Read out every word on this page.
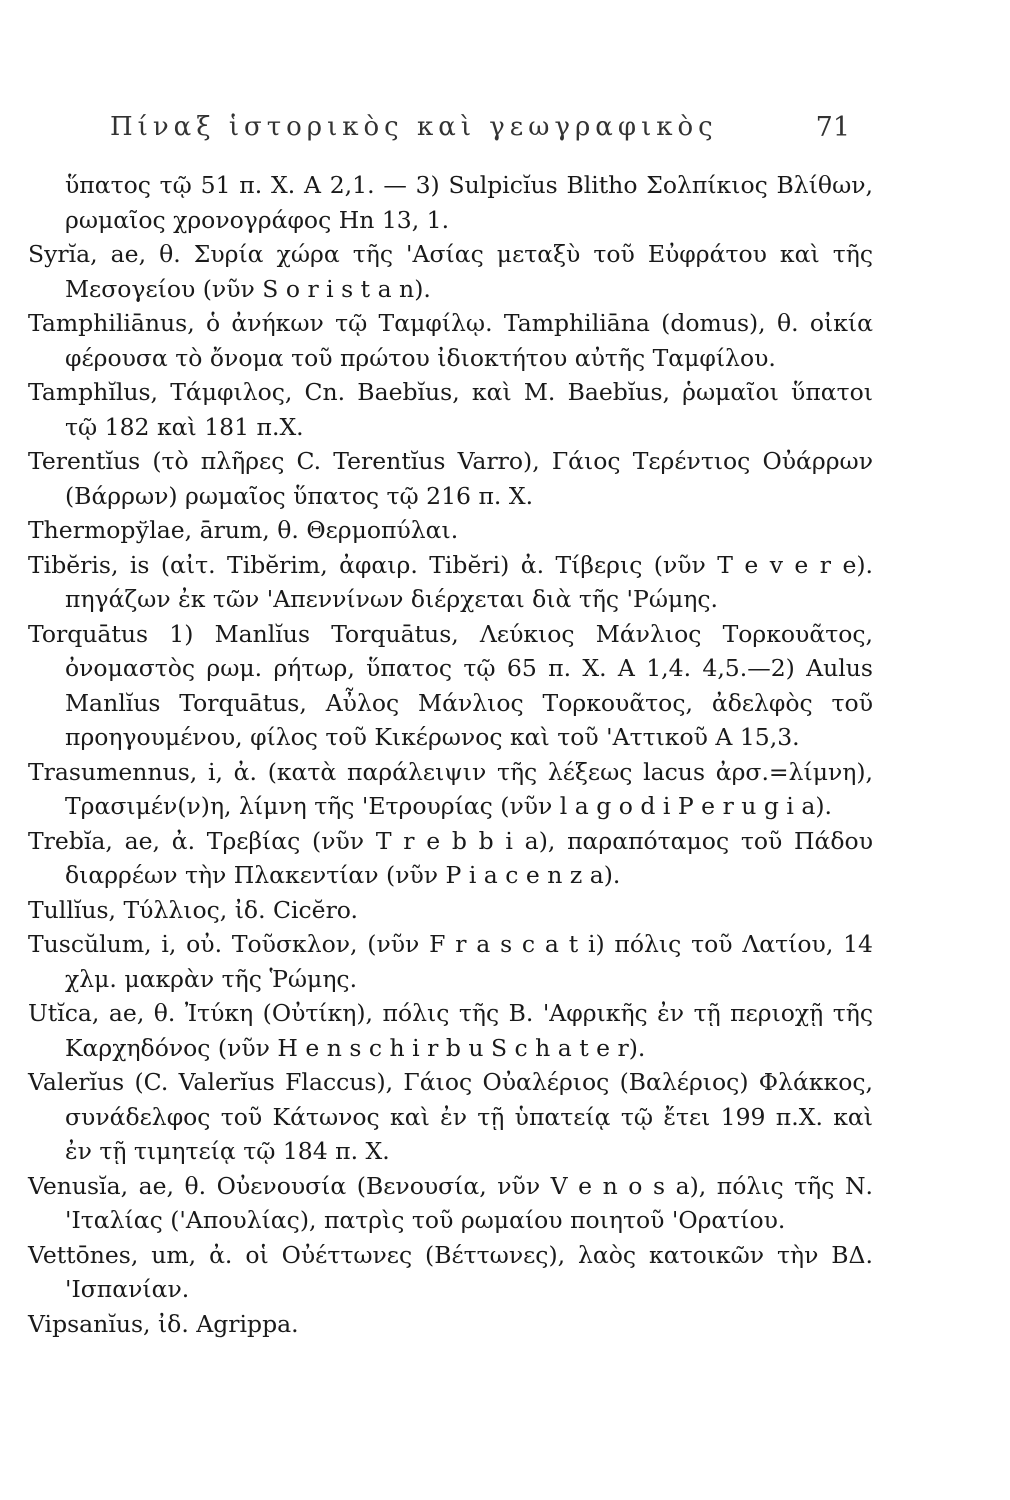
Πίναξ ἱστορικὸς καὶ γεωγραφικὸς	71
ὕπατος τῷ 51 π. Χ. Α 2,1. — 3) Sulpicĭus Blitho Σολπίκιος Βλίθων, ρωμαῖος χρονογράφος Hn 13, 1.
Syrĭa, ae, θ. Συρία χώρα τῆς 'Ασίας μεταξὺ τοῦ Εὐφράτου καὶ τῆς Μεσογείου (νῦν S o r i s t a n).
Tamphiliānus, ὁ ἀνήκων τῷ Ταμφίλῳ. Tamphiliāna (domus), θ. οἰκία φέρουσα τὸ ὄνομα τοῦ πρώτου ἰδιοκτήτου αὐτῆς Ταμφίλου.
Tamphĭlus, Τάμφιλος, Cn. Baebĭus, καὶ M. Baebĭus, ῥωμαῖοι ὕπατοι τῷ 182 καὶ 181 π.Χ.
Terentĭus (τὸ πλῆρες C. Terentĭus Varro), Γάιος Τερέντιος Οὐάρρων (Βάρρων) ρωμαῖος ὕπατος τῷ 216 π. Χ.
Thermopўlae, ārum, θ. Θερμοπύλαι.
Tibĕris, is (αἰτ. Tibĕrim, ἀφαιρ. Tibĕri) ἀ. Τίβερις (νῦν T e v e r e). πηγάζων ἐκ τῶν 'Απεννίνων διέρχεται διὰ τῆς 'Ρώμης.
Torquātus 1) Manlĭus Torquātus, Λεύκιος Μάνλιος Τορκουᾶτος, ὀνομαστὸς ρωμ. ρήτωρ, ὕπατος τῷ 65 π. Χ. Α 1,4. 4,5.—2) Aulus Manlĭus Torquātus, Αὖλος Μάνλιος Τορκουᾶτος, ἀδελφὸς τοῦ προηγουμένου, φίλος τοῦ Κικέρωνος καὶ τοῦ 'Αττικοῦ Α 15,3.
Trasumennus, i, ἀ. (κατὰ παράλειψιν τῆς λέξεως lacus ἀρσ.=λίμνη), Τρασιμέν(ν)η, λίμνη τῆς 'Ετρουρίας (νῦν l a g o d i P e r u g i a).
Trebĭa, ae, ἀ. Τρεβίας (νῦν T r e b b i a), παραπόταμος τοῦ Πάδου διαρρέων τὴν Πλακεντίαν (νῦν P i a c e n z a).
Tullĭus, Τύλλιος, ἰδ. Cicĕro.
Tuscŭlum, i, οὐ. Τοῦσκλον, (νῦν F r a s c a t i) πόλις τοῦ Λατίου, 14 χλμ. μακρὰν τῆς Ῥώμης.
Utĭca, ae, θ. Ἰτύκη (Οὐτίκη), πόλις τῆς Β. 'Αφρικῆς ἐν τῇ περιοχῇ τῆς Καρχηδόνος (νῦν H e n s c h i r b u S c h a t e r).
Valerĭus (C. Valerĭus Flaccus), Γάιος Οὐαλέριος (Βαλέριος) Φλάκκος, συνάδελφος τοῦ Κάτωνος καὶ ἐν τῇ ὑπατείᾳ τῷ ἔτει 199 π.Χ. καὶ ἐν τῇ τιμητείᾳ τῷ 184 π. Χ.
Venusĭa, ae, θ. Οὐενουσία (Βενουσία, νῦν V e n o s a), πόλις τῆς Ν. 'Ιταλίας ('Απουλίας), πατρὶς τοῦ ρωμαίου ποιητοῦ 'Ορατίου.
Vettōnes, um, ἀ. οἱ Οὐέττωνες (Βέττωνες), λαὸς κατοικῶν τὴν ΒΔ. 'Ισπανίαν.
Vipsanĭus, ἰδ. Agrippa.
